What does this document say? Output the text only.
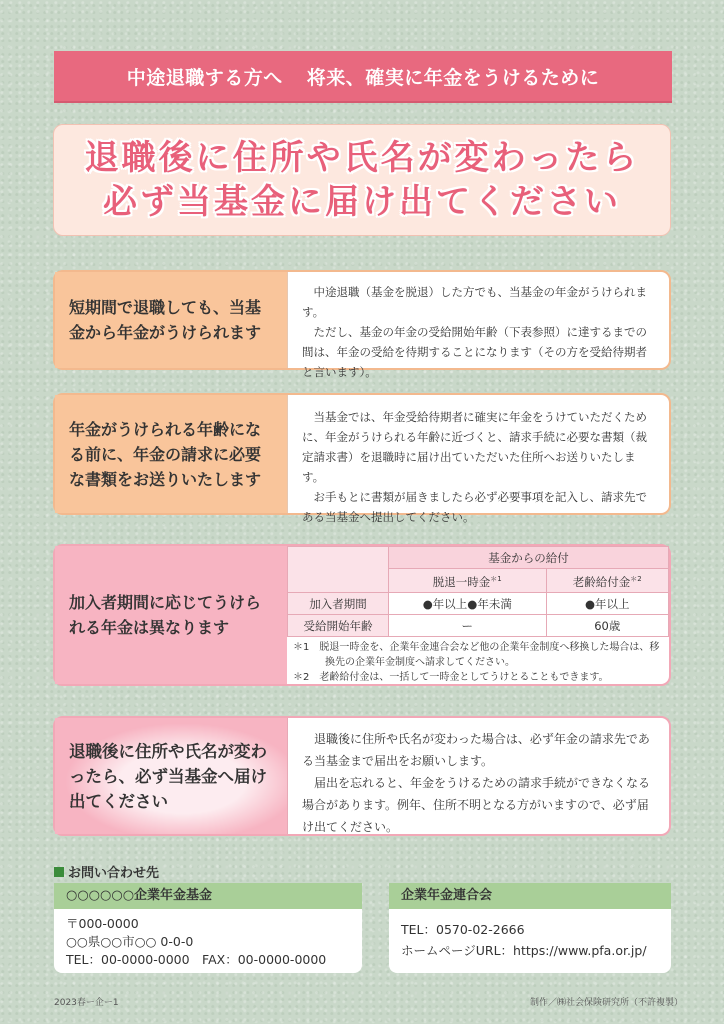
中途退職する方へ 将来、確実に年金をうけるために
退職後に住所や氏名が変わったら
必ず当基金に届け出てください
短期間で退職しても、当基金から年金がうけられます

中途退職（基金を脱退）した方でも、当基金の年金がうけられます。

ただし、基金の年金の受給開始年齢（下表参照）に達するまでの間は、年金の受給を待期することになります（その方を受給待期者と言います）。

年金がうけられる年齢になる前に、年金の請求に必要な書類をお送りいたします

当基金では、年金受給待期者に確実に年金をうけていただくために、年金がうけられる年齢に近づくと、請求手続に必要な書類（裁定請求書）を退職時に届け出ていただいた住所へお送りいたします。

お手もとに書類が届きましたら必ず必要事項を記入し、請求先である当基金へ提出してください。

加入者期間に応じてうけられる年金は異なります
	基金からの給付	
	脱退一時金$^{*1}$	老齢給付金$^{*2}$
加入者期間	●年以上●年未満	●年以上
受給開始年齢	ー	60歳
＊1　脱退一時金を、企業年金連合会など他の企業年金制度へ移換した場合は、移換先の企業年金制度へ請求してください。
＊2　老齢給付金は、一括して一時金としてうけとることもできます。
退職後に住所や氏名が変わったら、必ず当基金へ届け出てください

退職後に住所や氏名が変わった場合は、必ず年金の請求先である当基金まで届出をお願いします。

届出を忘れると、年金をうけるための請求手続ができなくなる場合があります。例年、住所不明となる方がいますので、必ず届け出てください。

お問い合わせ先
○○○○○○企業年金基金
〒000-0000
○○県○○市○○ 0-0-0
TEL：00-0000-0000　FAX：00-0000-0000
企業年金連合会
TEL：0570-02-2666
ホームページURL：https://www.pfa.or.jp/
2023春ー企ー1	制作／㈱社会保険研究所（不許複製）
